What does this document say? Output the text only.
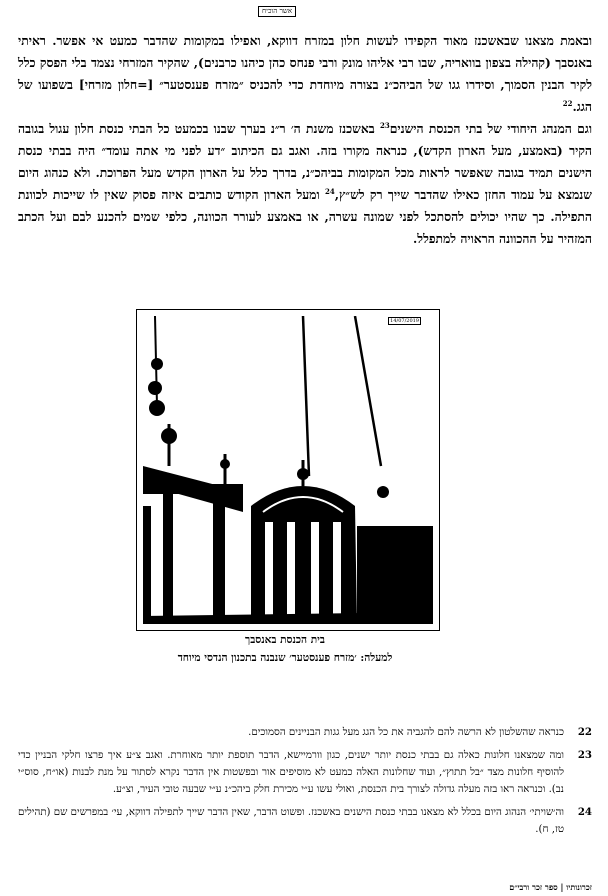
אשר הוכיח

ובאמת מצאנו שבאשכנז מאוד הקפידו לעשות חלון במזרח דווקא, ואפילו במקומות שהדבר כמעט אי אפשר. ראיתי באנסבך (קהילה בצפון בוואריה, שבו רבי אליהו מונק ורבי פנחס כהן כיהנו כרבנים), שהקיר המזרחי נצמד בלי הפסק כלל לקיר הבנין הסמוך, וסידרו גגו של הביהכ״נ בצורה מיוחדת כדי להכניס ״מזרח פענסטער״ [=חלון מזרחי] בשפועו של הגג.$^{22}$

וגם המנהג היחודי של בתי הכנסת הישנים$^{23}$ באשכנז משנת ה׳ ר״נ בערך שבנו בכמעט כל הבתי כנסת חלון עגול בגובה הקיר (באמצע, מעל הארון הקדש), כנראה מקורו בזה. ואגב גם הכיתוב ״דע לפני מי אתה עומד״ היה בבתי כנסת הישנים תמיד בגובה שאפשר לראות מכל המקומות בביהכ״נ, בדרך כלל על הארון הקדש מעל הפרוכת. ולא כנהוג היום שנמצא על עמוד החזן כאילו שהדבר שייך רק לש״ץ,$^{24}$ ומעל הארון הקודש כותבים איזה פסוק שאין לו שייכות לכוונת התפילה. כך שהיו יכולים להסתכל לפני שמונה עשרה, או באמצע לעורר הכוונה, כלפי שמים להכנע לבם ועל הכתב המזהיר על ההכוונה הראויה למתפלל.

14/07/2019
בית הכנסת באנסבך
למעלה: ׳מזרח פענסטער׳ שנבנה בתכנון הנדסי מיוחד
22
כנראה שהשלטון לא הרשה להם להגביה את כל הגג מעל גגות הבניינים הסמוכים.
23
ומה שמצאנו חלונות כאלה גם בבתי כנסת יותר ישנים, כגון וורמיישא, הדבר תוספת יותר מאוחרת. ואגב צ״ע איך פרצו חלקי הבניין כדי להוסיף חלונות מצד ״בל תתוץ״, ועוד שחלונות האלה כמעט לא מוסיפים אור ובפשטות אין הדבר נקרא לסתור על מנת לבנות (או״ח, סוס״י נב). וכנראה ראו בזה מעלה גדולה לצורך בית הכנסת, ואולי עשו ע״י מכירת חלק ביהכ״נ ע״י שבעה טובי העיר, וצ״ע.
24
וה׳שויתי׳ הנהוג היום בכלל לא מצאנו בבתי כנסת הישנים באשכנז. ופשוט הדבר, שאין הדבר שייך לתפילה דווקא, עי׳ במפרשים שם (תהילים טז, ח).
זכרונותיו | ספר זכר ורבי״ם
